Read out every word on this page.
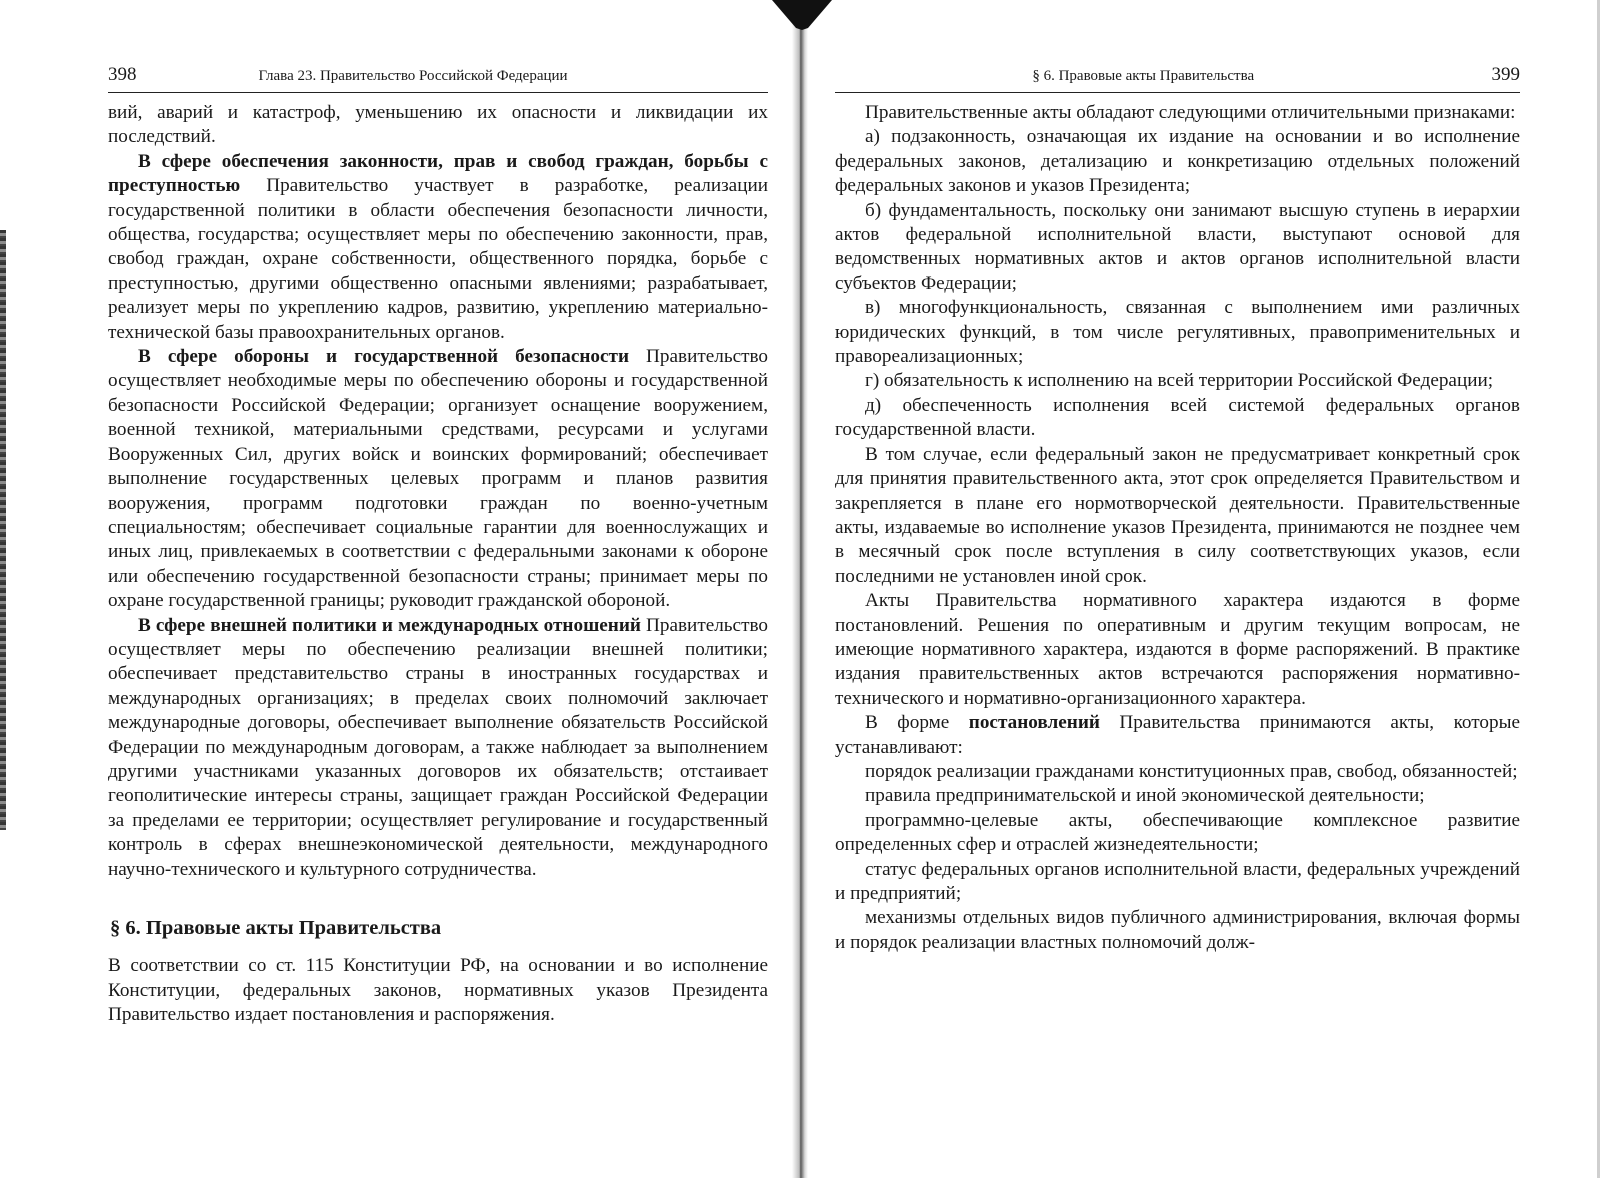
398	Глава 23. Правительство Российской Федерации

вий, аварий и катастроф, уменьшению их опасности и ликвидации их последствий.

В сфере обеспечения законности, прав и свобод граждан, борьбы с преступностью Правительство участвует в разработке, реализации государственной политики в области обеспечения безопасности личности, общества, государства; осуществляет меры по обеспечению законности, прав, свобод граждан, охране собственности, общественного порядка, борьбе с преступностью, другими общественно опасными явлениями; разрабатывает, реализует меры по укреплению кадров, развитию, укреплению материально-технической базы правоохранительных органов.

В сфере обороны и государственной безопасности Правительство осуществляет необходимые меры по обеспечению обороны и государственной безопасности Российской Федерации; организует оснащение вооружением, военной техникой, материальными средствами, ресурсами и услугами Вооруженных Сил, других войск и воинских формирований; обеспечивает выполнение государственных целевых программ и планов развития вооружения, программ подготовки граждан по военно-учетным специальностям; обеспечивает социальные гарантии для военнослужащих и иных лиц, привлекаемых в соответствии с федеральными законами к обороне или обеспечению государственной безопасности страны; принимает меры по охране государственной границы; руководит гражданской обороной.

В сфере внешней политики и международных отношений Правительство осуществляет меры по обеспечению реализации внешней политики; обеспечивает представительство страны в иностранных государствах и международных организациях; в пределах своих полномочий заключает международные договоры, обеспечивает выполнение обязательств Российской Федерации по международным договорам, а также наблюдает за выполнением другими участниками указанных договоров их обязательств; отстаивает геополитические интересы страны, защищает граждан Российской Федерации за пределами ее территории; осуществляет регулирование и государственный контроль в сферах внешнеэкономической деятельности, международного научно-технического и культурного сотрудничества.

§ 6. Правовые акты Правительства

В соответствии со ст. 115 Конституции РФ, на основании и во исполнение Конституции, федеральных законов, нормативных указов Президента Правительство издает постановления и распоряжения.

§ 6. Правовые акты Правительства	399

Правительственные акты обладают следующими отличительными признаками:

а) подзаконность, означающая их издание на основании и во исполнение федеральных законов, детализацию и конкретизацию отдельных положений федеральных законов и указов Президента;

б) фундаментальность, поскольку они занимают высшую ступень в иерархии актов федеральной исполнительной власти, выступают основой для ведомственных нормативных актов и актов органов исполнительной власти субъектов Федерации;

в) многофункциональность, связанная с выполнением ими различных юридических функций, в том числе регулятивных, правоприменительных и правореализационных;

г) обязательность к исполнению на всей территории Российской Федерации;

д) обеспеченность исполнения всей системой федеральных органов государственной власти.

В том случае, если федеральный закон не предусматривает конкретный срок для принятия правительственного акта, этот срок определяется Правительством и закрепляется в плане его нормотворческой деятельности. Правительственные акты, издаваемые во исполнение указов Президента, принимаются не позднее чем в месячный срок после вступления в силу соответствующих указов, если последними не установлен иной срок.

Акты Правительства нормативного характера издаются в форме постановлений. Решения по оперативным и другим текущим вопросам, не имеющие нормативного характера, издаются в форме распоряжений. В практике издания правительственных актов встречаются распоряжения нормативно-технического и нормативно-организационного характера.

В форме постановлений Правительства принимаются акты, которые устанавливают:

порядок реализации гражданами конституционных прав, свобод, обязанностей;

правила предпринимательской и иной экономической деятельности;

программно-целевые акты, обеспечивающие комплексное развитие определенных сфер и отраслей жизнедеятельности;

статус федеральных органов исполнительной власти, федеральных учреждений и предприятий;

механизмы отдельных видов публичного администрирования, включая формы и порядок реализации властных полномочий долж-
